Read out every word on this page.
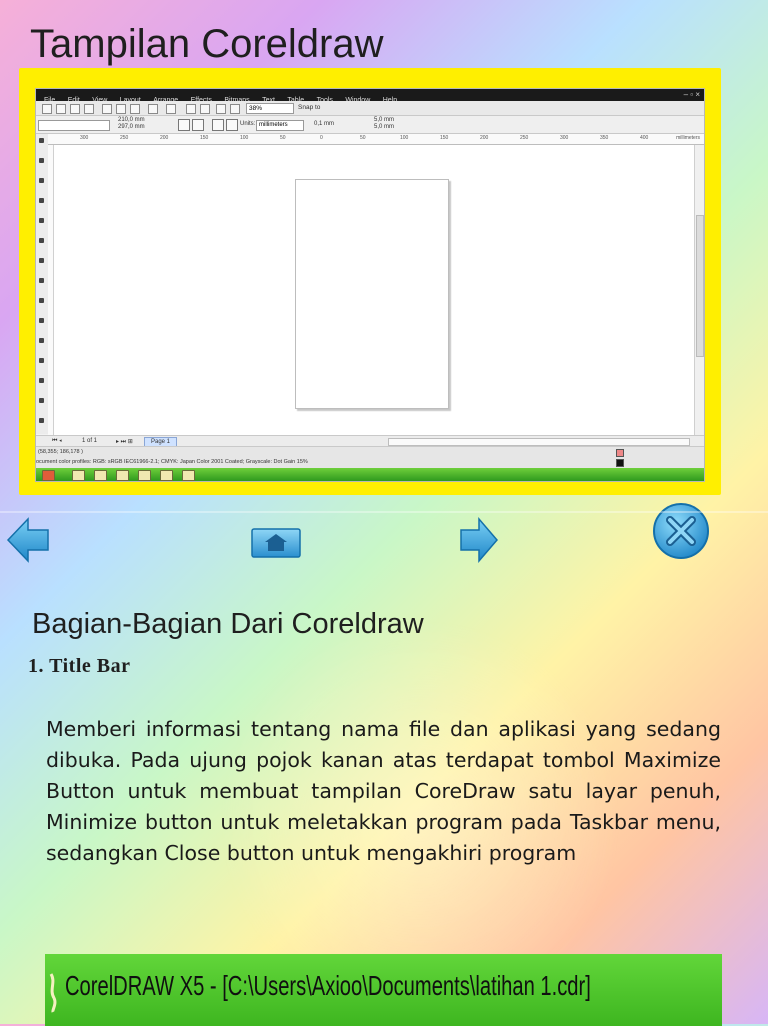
Tampilan Coreldraw

– ▫ ×
38%	Snap to
210,0 mm
297,0 mm	Units: millimeters	0,1 mm
5,0 mm
5,0 mm
300	250	200	150	100	50	0	50	100	150	200	250	300	350	400	millimeters
⏮ ◂	1 of 1	▸ ⏭ ⊞	Page 1
(58,355; 186,178 )
ocument color profiles: RGB: sRGB IEC61966-2.1; CMYK: Japan Color 2001 Coated; Grayscale: Dot Gain 15%
Bagian-Bagian Dari Coreldraw
1. Title Bar
Memberi informasi tentang nama file dan aplikasi yang sedang dibuka. Pada ujung pojok kanan atas terdapat tombol Maximize Button untuk membuat tampilan CoreDraw satu layar penuh, Minimize button untuk meletakkan program pada Taskbar menu, sedangkan Close button untuk mengakhiri program
CorelDRAW X5 - [C:\Users\Axioo\Documents\latihan 1.cdr]
